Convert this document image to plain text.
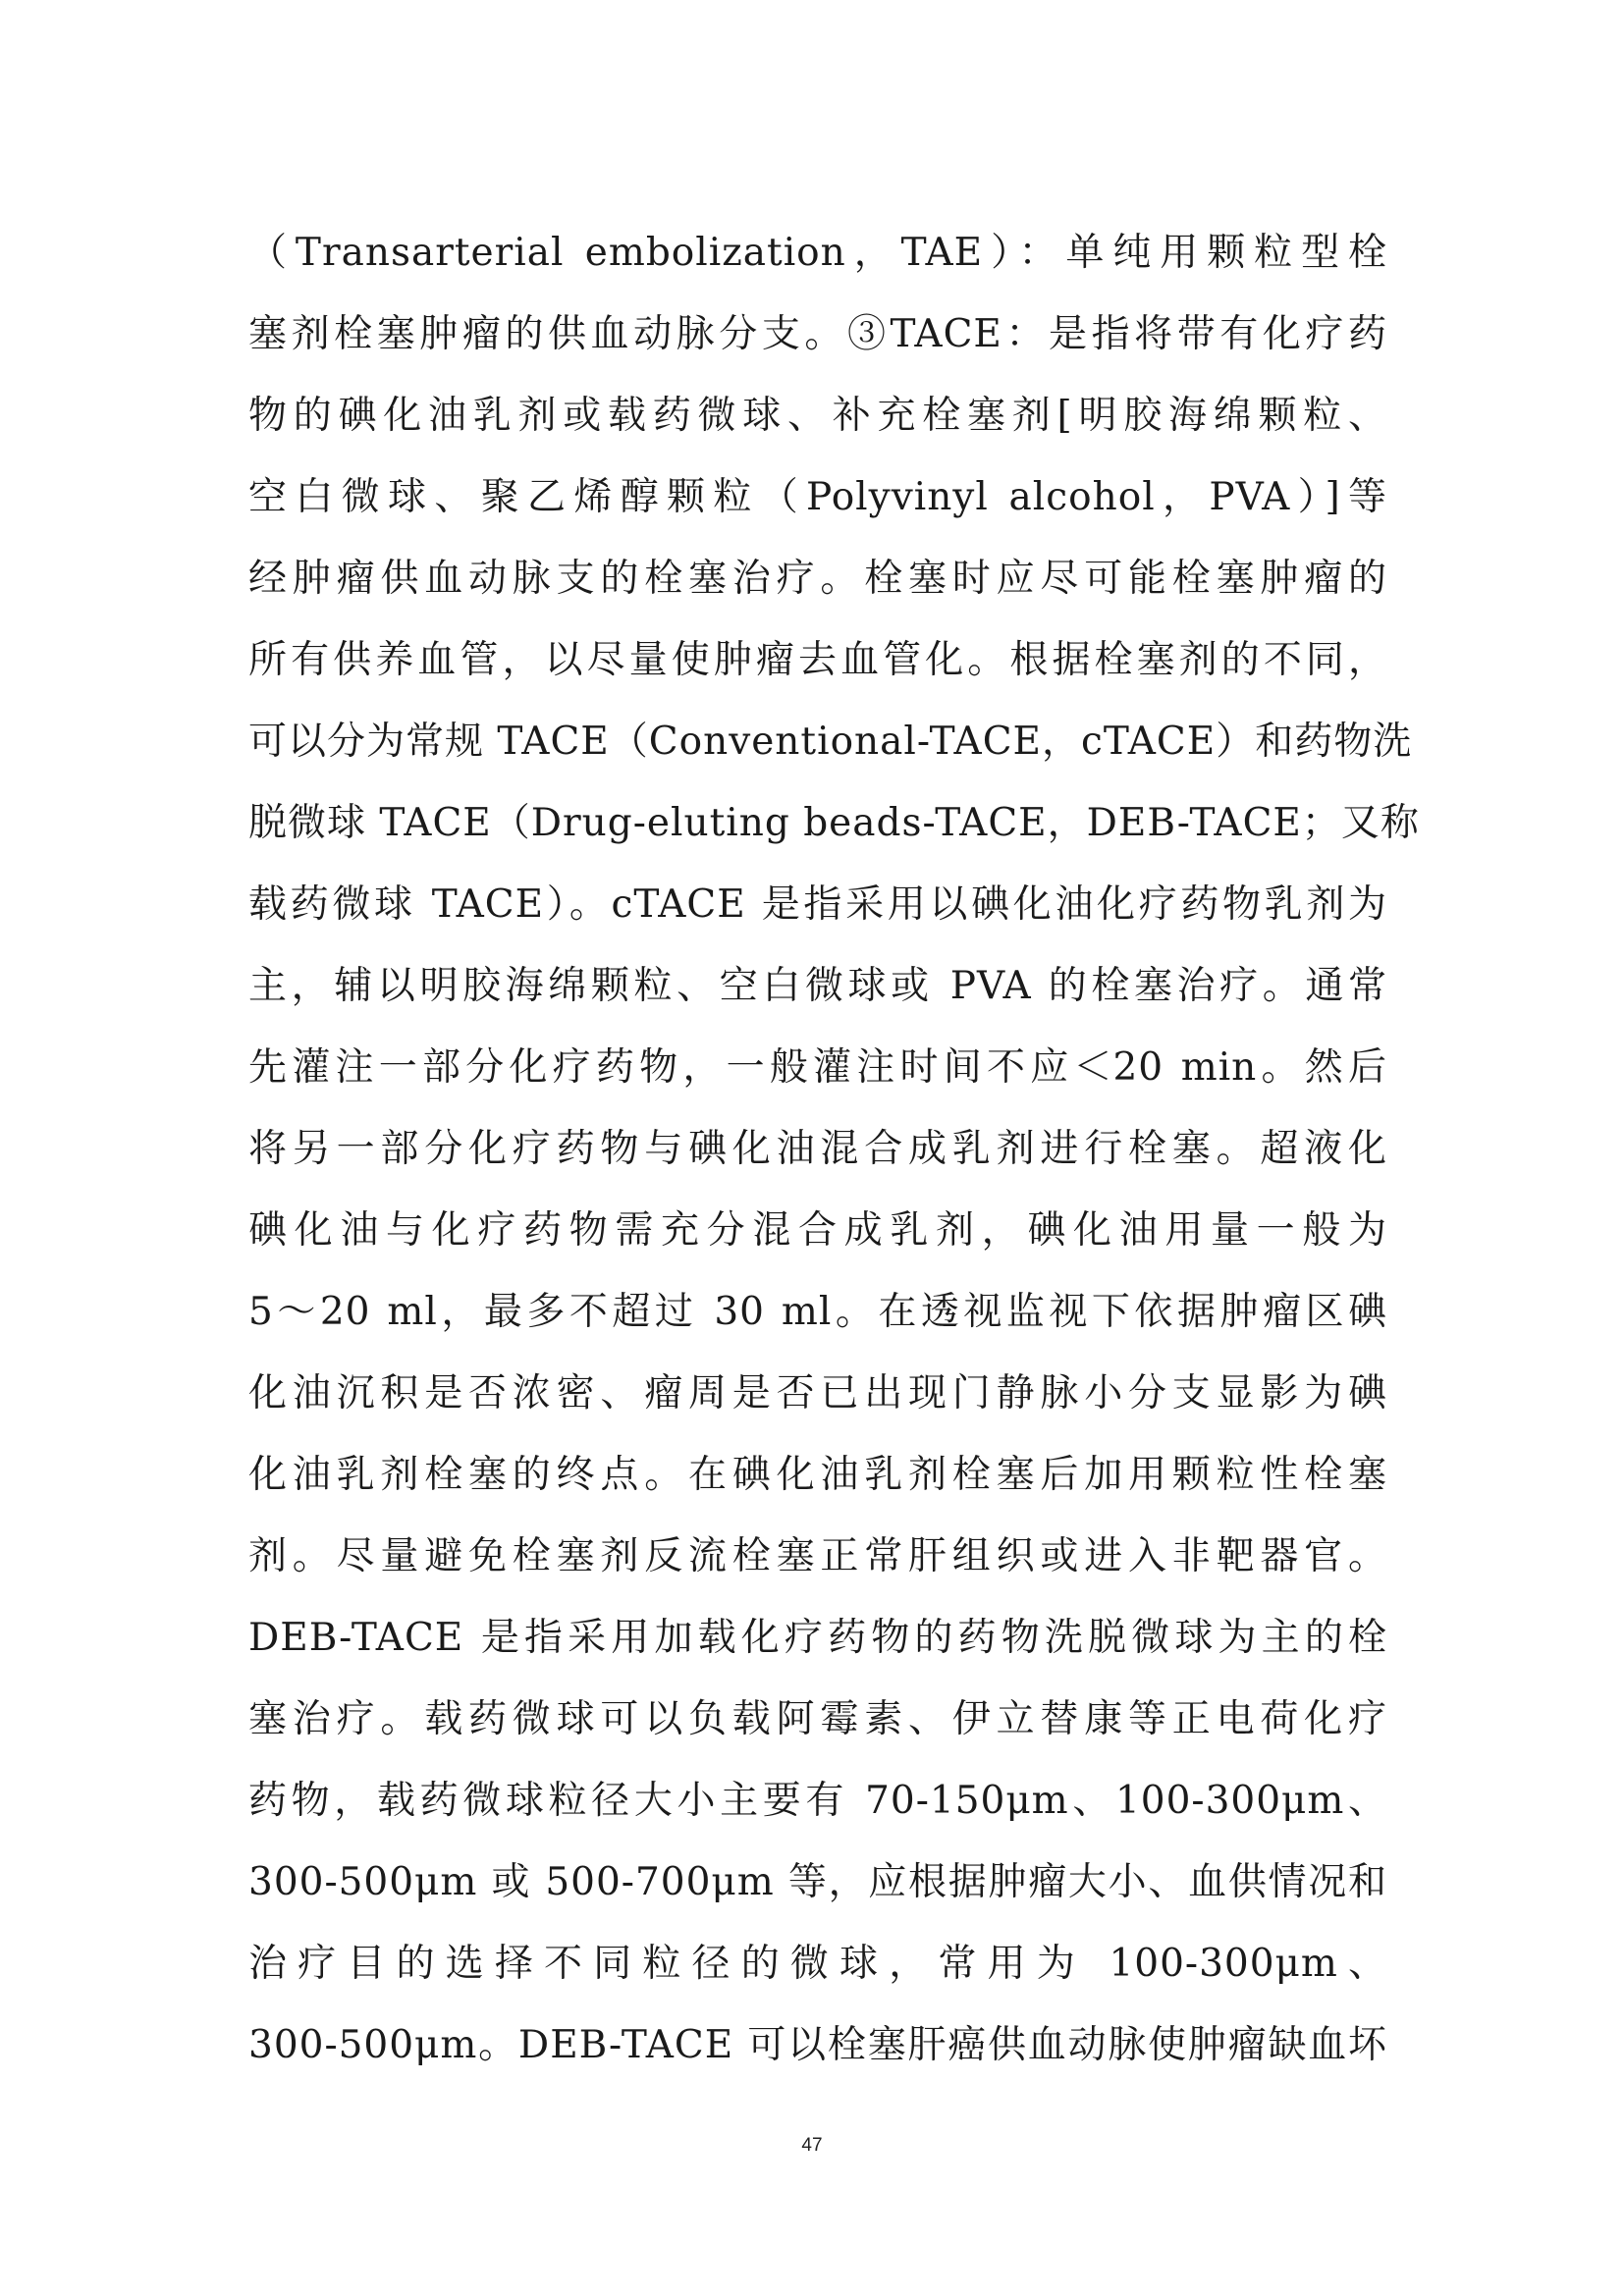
（Transarterial embolization，TAE）：单纯用颗粒型栓
塞剂栓塞肿瘤的供血动脉分支。③TACE：是指将带有化疗药
物的碘化油乳剂或载药微球、补充栓塞剂[明胶海绵颗粒、
空白微球、聚乙烯醇颗粒（Polyvinyl alcohol，PVA）]等
经肿瘤供血动脉支的栓塞治疗。栓塞时应尽可能栓塞肿瘤的
所有供养血管，以尽量使肿瘤去血管化。根据栓塞剂的不同，
可以分为常规 TACE（Conventional-TACE，cTACE）和药物洗
脱微球 TACE（Drug-eluting beads-TACE，DEB-TACE；又称
载药微球 TACE）。cTACE 是指采用以碘化油化疗药物乳剂为
主，辅以明胶海绵颗粒、空白微球或 PVA 的栓塞治疗。通常
先灌注一部分化疗药物，一般灌注时间不应＜20 min。然后
将另一部分化疗药物与碘化油混合成乳剂进行栓塞。超液化
碘化油与化疗药物需充分混合成乳剂，碘化油用量一般为
5～20 ml，最多不超过 30 ml。在透视监视下依据肿瘤区碘
化油沉积是否浓密、瘤周是否已出现门静脉小分支显影为碘
化油乳剂栓塞的终点。在碘化油乳剂栓塞后加用颗粒性栓塞
剂。尽量避免栓塞剂反流栓塞正常肝组织或进入非靶器官。
DEB-TACE 是指采用加载化疗药物的药物洗脱微球为主的栓
塞治疗。载药微球可以负载阿霉素、伊立替康等正电荷化疗
药物，载药微球粒径大小主要有 70-150μm、100-300μm、
300-500μm 或 500-700μm 等，应根据肿瘤大小、血供情况和
治疗目的选择不同粒径的微球，常用为 100-300μm、
300-500μm。DEB-TACE 可以栓塞肝癌供血动脉使肿瘤缺血坏
47
